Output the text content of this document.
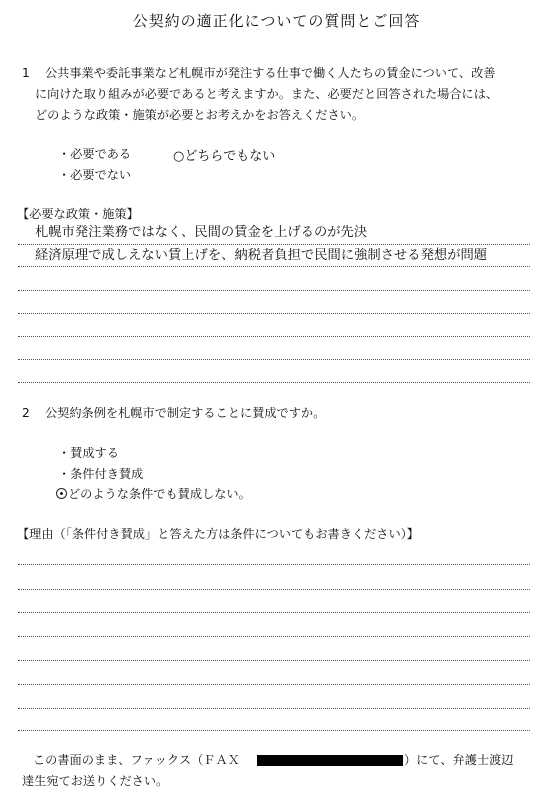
公契約の適正化についての質問とご回答
1 公共事業や委託事業など札幌市が発注する仕事で働く人たちの賃金について、改善
に向けた取り組みが必要であると考えますか。また、必要だと回答された場合には、
どのような政策・施策が必要とお考えかをお答えください。
・必要である
・必要でない
○どちらでもない
【必要な政策・施策】
札幌市発注業務ではなく、民間の賃金を上げるのが先決
経済原理で成しえない賃上げを、納税者負担で民間に強制させる発想が問題
2 公契約条例を札幌市で制定することに賛成ですか。
・賛成する
・条件付き賛成
どのような条件でも賛成しない。
【理由（「条件付き賛成」と答えた方は条件についてもお書きください）】
この書面のまま、ファックス（ＦＡＸ	）にて、弁護士渡辺
達生宛てお送りください。
